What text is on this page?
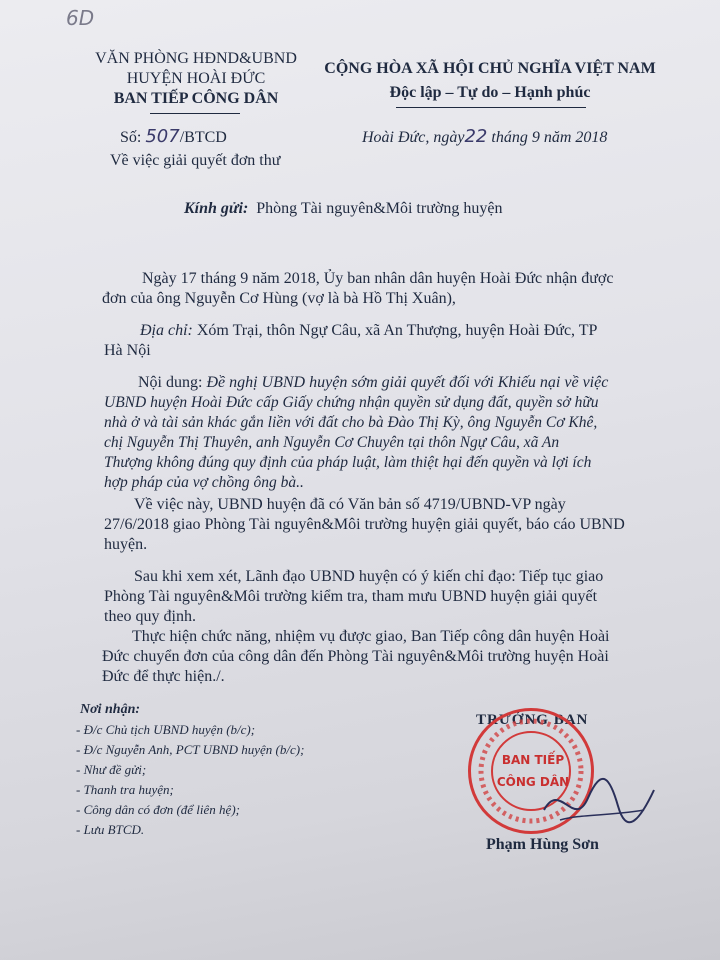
6D
VĂN PHÒNG HĐND&UBND
HUYỆN HOÀI ĐỨC
BAN TIẾP CÔNG DÂN
CỘNG HÒA XÃ HỘI CHỦ NGHĨA VIỆT NAM
Độc lập – Tự do – Hạnh phúc
Số: 507/BTCD	Hoài Đức, ngày22 tháng 9 năm 2018
Về việc giải quyết đơn thư
Kính gửi: Phòng Tài nguyên&Môi trường huyện
Ngày 17 tháng 9 năm 2018, Ủy ban nhân dân huyện Hoài Đức nhận được
đơn của ông Nguyễn Cơ Hùng (vợ là bà Hồ Thị Xuân),
Địa chỉ: Xóm Trại, thôn Ngự Câu, xã An Thượng, huyện Hoài Đức, TP
Hà Nội
Nội dung: Đề nghị UBND huyện sớm giải quyết đối với Khiếu nại về việc
UBND huyện Hoài Đức cấp Giấy chứng nhận quyền sử dụng đất, quyền sở hữu
nhà ở và tài sản khác gắn liền với đất cho bà Đào Thị Kỳ, ông Nguyễn Cơ Khê,
chị Nguyễn Thị Thuyên, anh Nguyễn Cơ Chuyên tại thôn Ngự Câu, xã An
Thượng không đúng quy định của pháp luật, làm thiệt hại đến quyền và lợi ích
hợp pháp của vợ chồng ông bà..
Về việc này, UBND huyện đã có Văn bản số 4719/UBND-VP ngày
27/6/2018 giao Phòng Tài nguyên&Môi trường huyện giải quyết, báo cáo UBND
huyện.
Sau khi xem xét, Lãnh đạo UBND huyện có ý kiến chỉ đạo: Tiếp tục giao
Phòng Tài nguyên&Môi trường kiểm tra, tham mưu UBND huyện giải quyết
theo quy định.
Thực hiện chức năng, nhiệm vụ được giao, Ban Tiếp công dân huyện Hoài
Đức chuyển đơn của công dân đến Phòng Tài nguyên&Môi trường huyện Hoài
Đức để thực hiện./.
Nơi nhận:
- Đ/c Chủ tịch UBND huyện (b/c);
- Đ/c Nguyễn Anh, PCT UBND huyện (b/c);
- Như đề gửi;
- Thanh tra huyện;
- Công dân có đơn (để liên hệ);
- Lưu BTCD.
TRƯỞNG BAN
BAN TIẾP
CÔNG DÂN
Phạm Hùng Sơn
